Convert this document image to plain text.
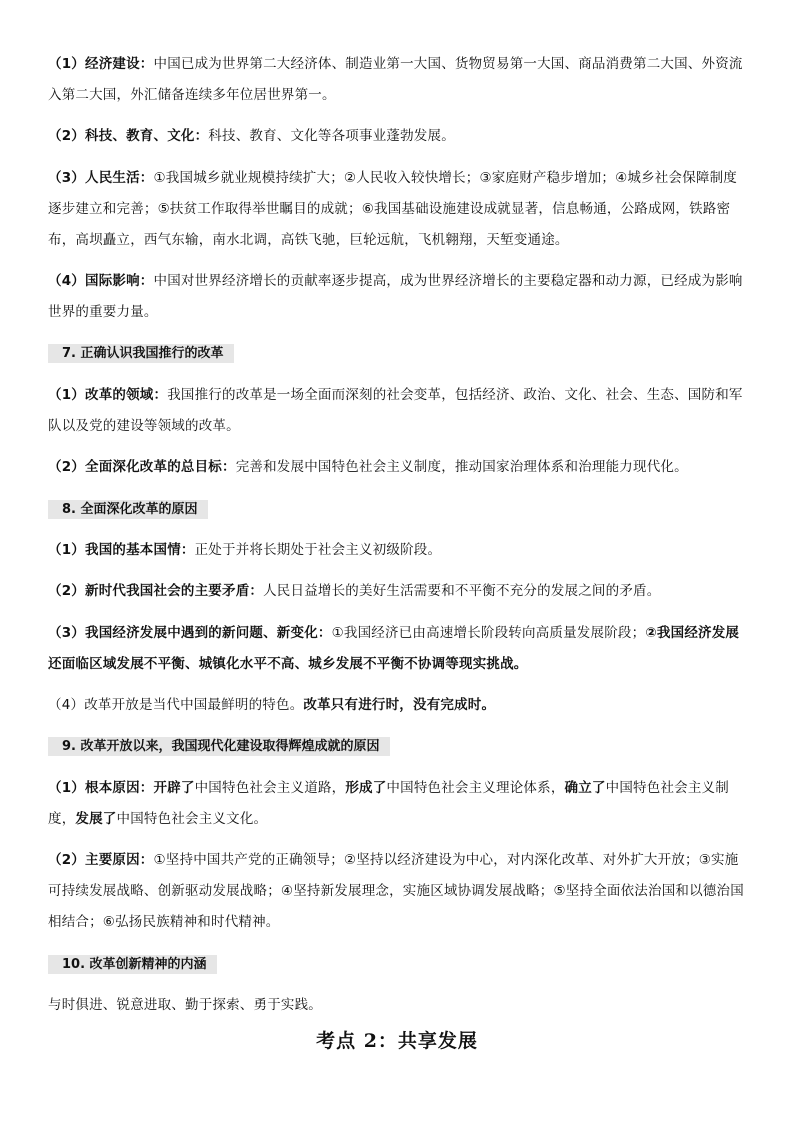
（1）经济建设：中国已成为世界第二大经济体、制造业第一大国、货物贸易第一大国、商品消费第二大国、外资流入第二大国，外汇储备连续多年位居世界第一。

（2）科技、教育、文化：科技、教育、文化等各项事业蓬勃发展。

（3）人民生活：①我国城乡就业规模持续扩大；②人民收入较快增长；③家庭财产稳步增加；④城乡社会保障制度逐步建立和完善；⑤扶贫工作取得举世瞩目的成就；⑥我国基础设施建设成就显著，信息畅通，公路成网，铁路密布，高坝矗立，西气东输，南水北调，高铁飞驰，巨轮远航，飞机翱翔，天堑变通途。

（4）国际影响：中国对世界经济增长的贡献率逐步提高，成为世界经济增长的主要稳定器和动力源，已经成为影响世界的重要力量。

7. 正确认识我国推行的改革

（1）改革的领域：我国推行的改革是一场全面而深刻的社会变革，包括经济、政治、文化、社会、生态、国防和军队以及党的建设等领域的改革。

（2）全面深化改革的总目标：完善和发展中国特色社会主义制度，推动国家治理体系和治理能力现代化。

8. 全面深化改革的原因

（1）我国的基本国情：正处于并将长期处于社会主义初级阶段。

（2）新时代我国社会的主要矛盾：人民日益增长的美好生活需要和不平衡不充分的发展之间的矛盾。

（3）我国经济发展中遇到的新问题、新变化：①我国经济已由高速增长阶段转向高质量发展阶段；②我国经济发展还面临区域发展不平衡、城镇化水平不高、城乡发展不平衡不协调等现实挑战。

（4）改革开放是当代中国最鲜明的特色。改革只有进行时，没有完成时。

9. 改革开放以来，我国现代化建设取得辉煌成就的原因

（1）根本原因：开辟了中国特色社会主义道路，形成了中国特色社会主义理论体系，确立了中国特色社会主义制度，发展了中国特色社会主义文化。

（2）主要原因：①坚持中国共产党的正确领导；②坚持以经济建设为中心，对内深化改革、对外扩大开放；③实施可持续发展战略、创新驱动发展战略；④坚持新发展理念，实施区域协调发展战略；⑤坚持全面依法治国和以德治国相结合；⑥弘扬民族精神和时代精神。

10. 改革创新精神的内涵

与时俱进、锐意进取、勤于探索、勇于实践。

考点 2：共享发展
